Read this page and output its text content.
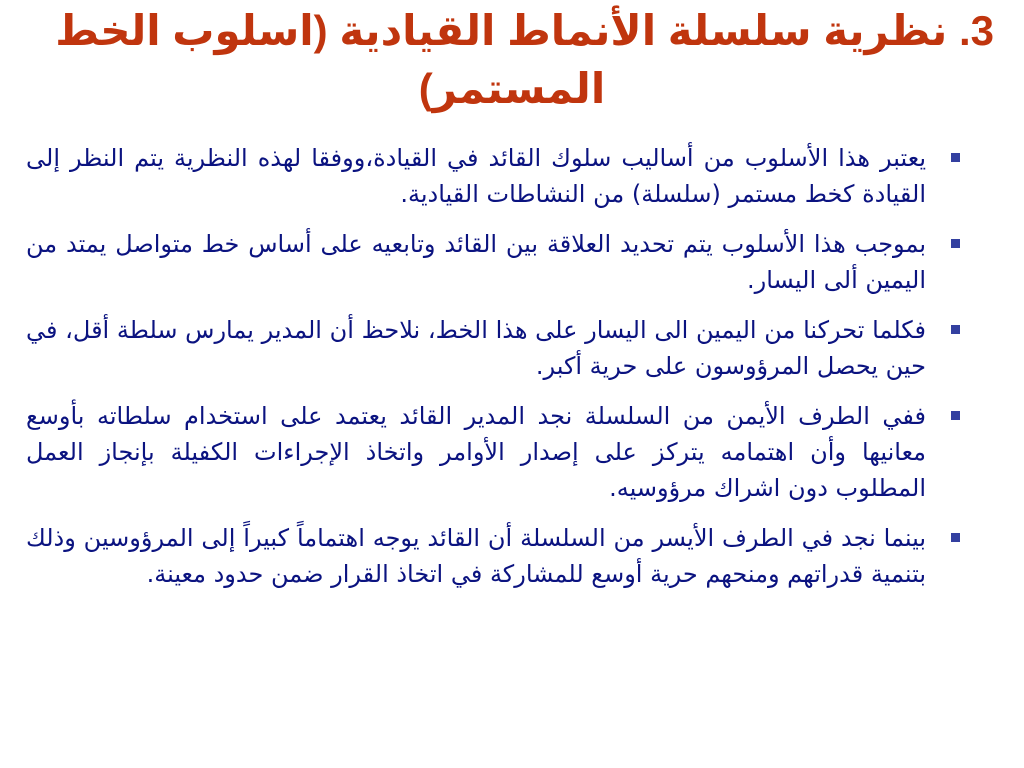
3. نظرية سلسلة الأنماط القيادية (اسلوب الخط
المستمر)
يعتبر هذا الأسلوب من أساليب سلوك القائد في القيادة،ووفقا لهذه النظرية يتم النظر إلى القيادة كخط مستمر (سلسلة) من النشاطات القيادية.
بموجب هذا الأسلوب يتم تحديد العلاقة بين القائد وتابعيه على أساس خط متواصل يمتد من اليمين ألى اليسار.
فكلما تحركنا من اليمين الى اليسار على هذا الخط، نلاحظ أن المدير يمارس سلطة أقل، في حين يحصل المرؤوسون على حرية أكبر.
ففي الطرف الأيمن من السلسلة نجد المدير القائد يعتمد على استخدام سلطاته بأوسع معانيها وأن اهتمامه يتركز على إصدار الأوامر واتخاذ الإجراءات الكفيلة بإنجاز العمل المطلوب دون اشراك مرؤوسيه.
بينما نجد في الطرف الأيسر من السلسلة أن القائد يوجه اهتماماً كبيراً إلى المرؤوسين وذلك بتنمية قدراتهم ومنحهم حرية أوسع للمشاركة في اتخاذ القرار ضمن حدود معينة.
